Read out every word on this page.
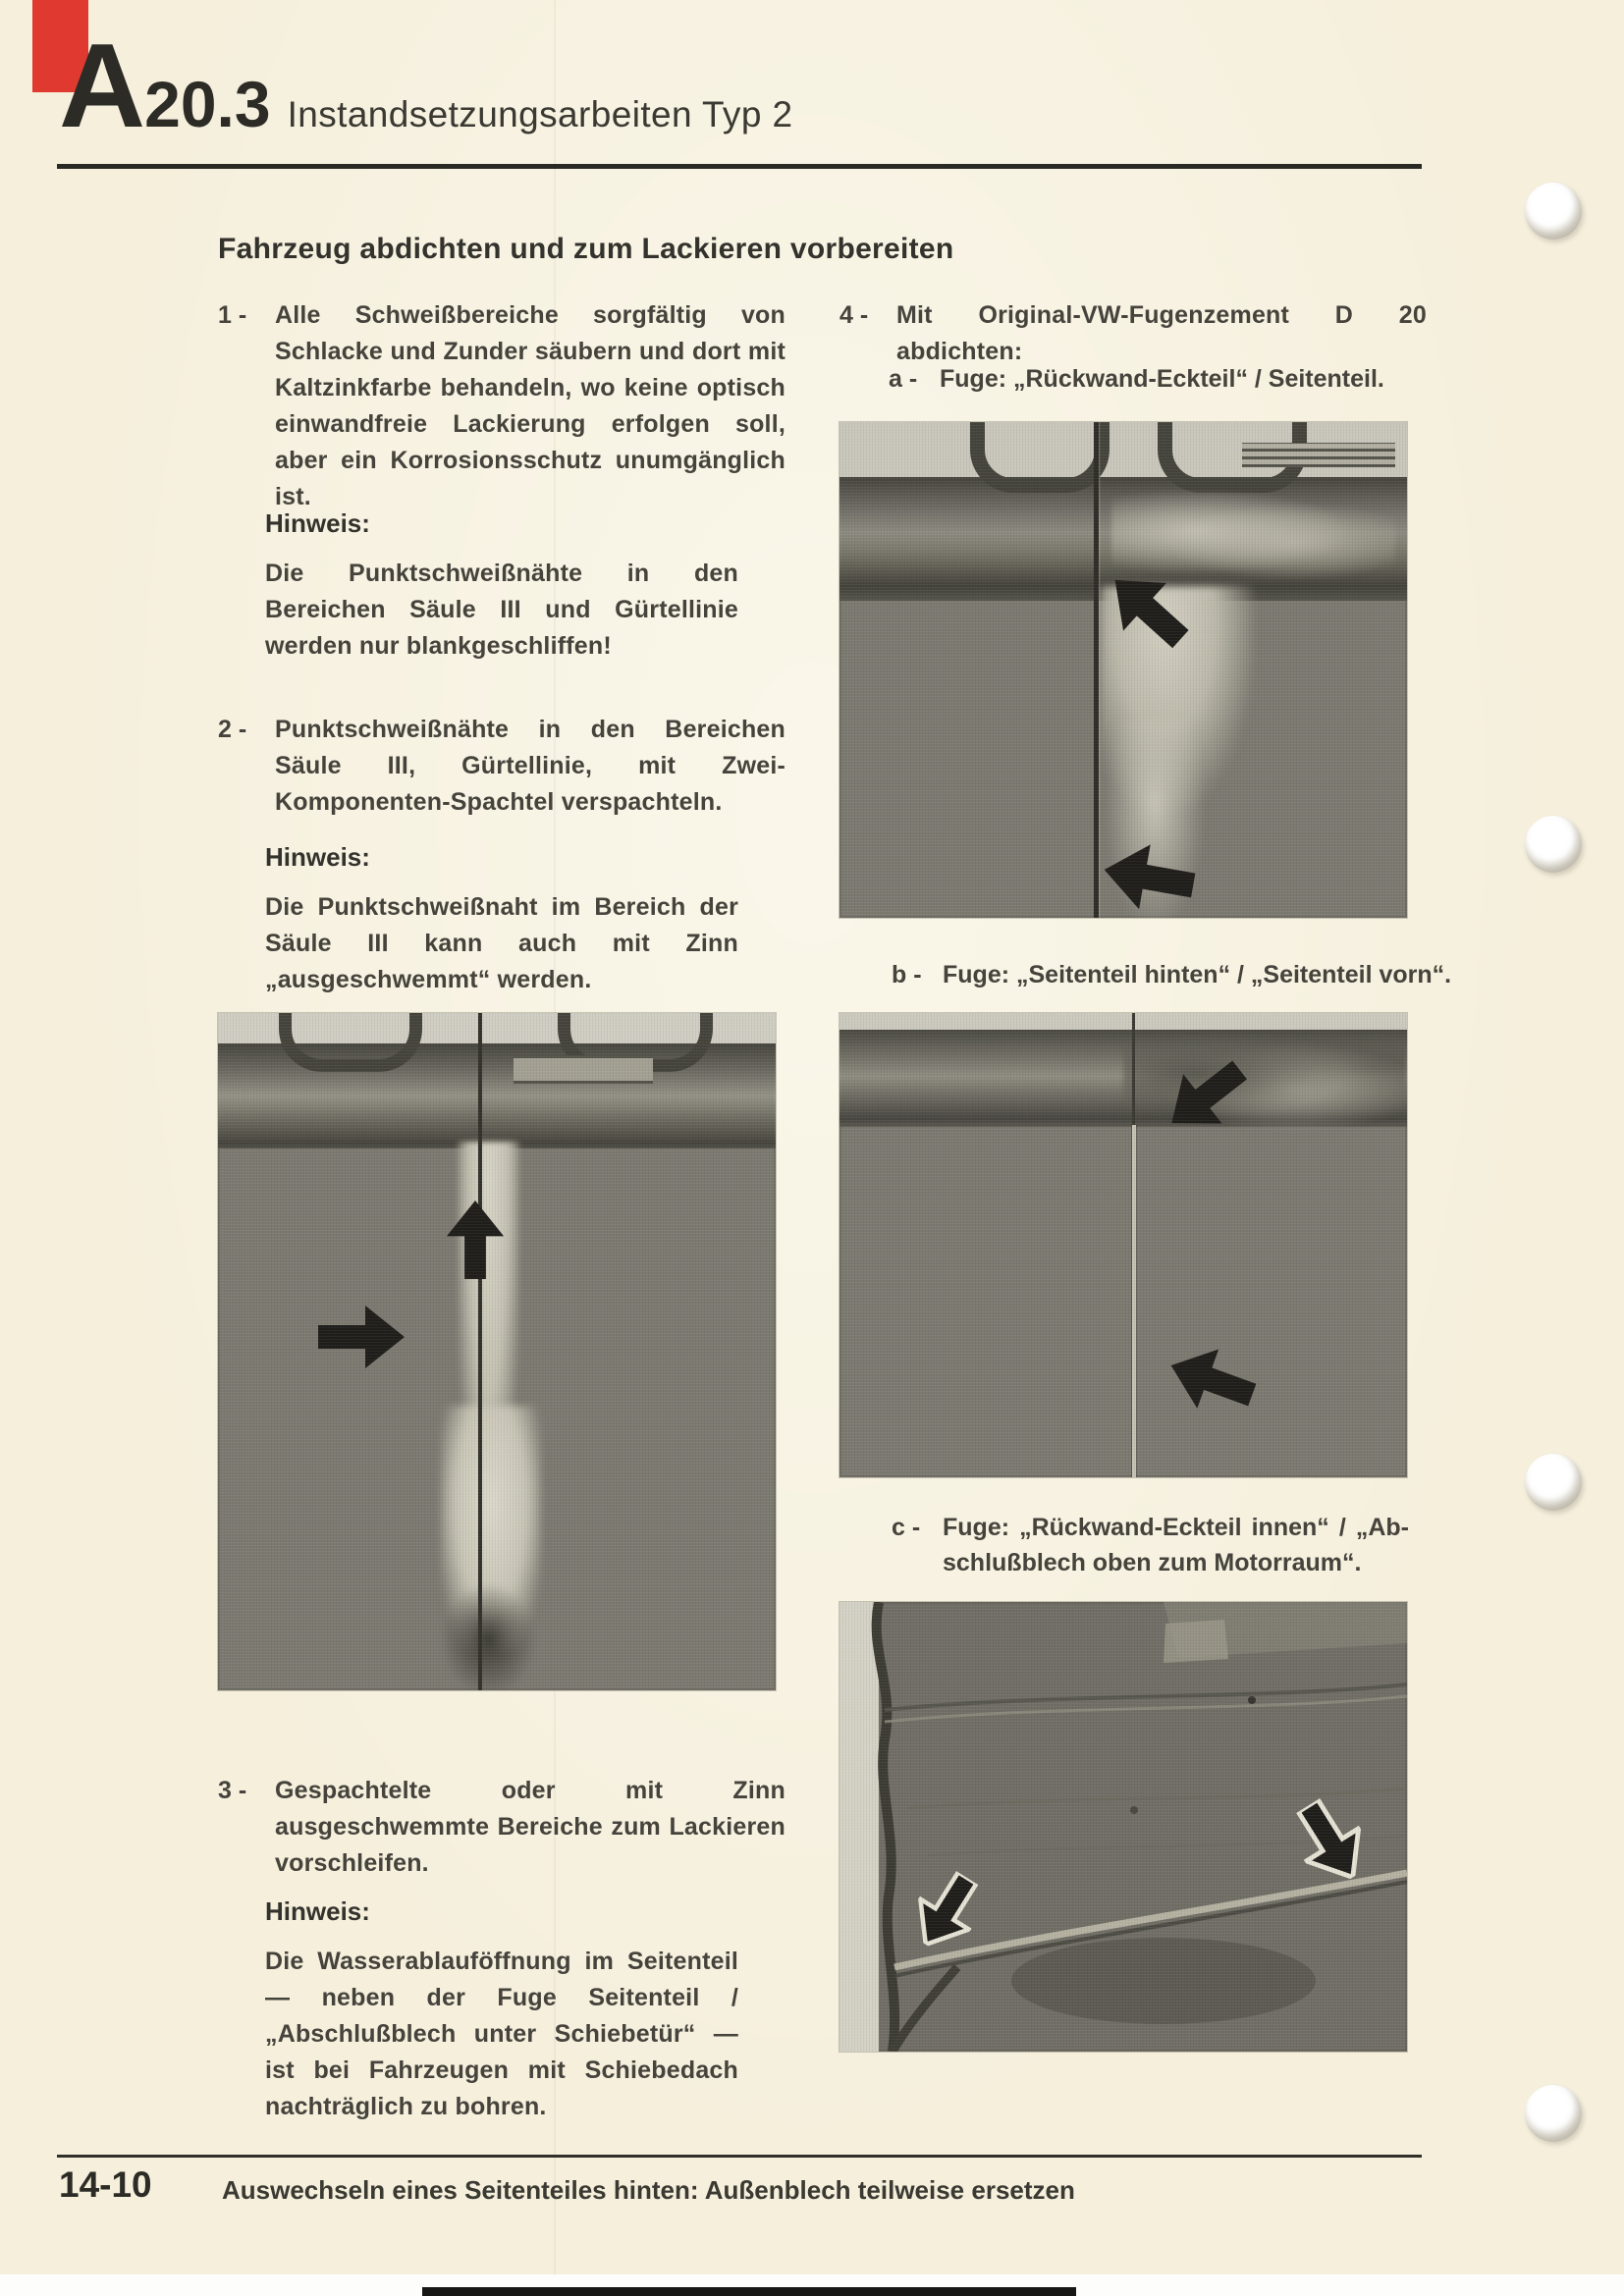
A 20.3 Instandsetzungsarbeiten Typ 2
Fahrzeug abdichten und zum Lackieren vorbereiten
1 -	Alle Schweißbereiche sorgfältig von Schlacke und Zunder säubern und dort mit Kaltzinkfarbe behandeln, wo keine optisch einwandfreie Lackierung erfolgen soll, aber ein Korrosionsschutz unumgänglich ist.
Hinweis:
Die Punktschweißnähte in den Bereichen Säule III und Gürtellinie werden nur blankgeschliffen!
2 -	Punktschweißnähte in den Bereichen Säule III, Gürtellinie, mit Zwei-Komponenten-Spachtel verspachteln.
Hinweis:
Die Punktschweißnaht im Bereich der Säule III kann auch mit Zinn „ausgeschwemmt“ werden.
3 -	Gespachtelte oder mit Zinn ausgeschwemmte Bereiche zum Lackieren vorschleifen.
Hinweis:
Die Wasserablauföffnung im Seitenteil — neben der Fuge Seitenteil / „Abschlußblech unter Schiebetür“ — ist bei Fahrzeugen mit Schiebedach nachträglich zu bohren.
4 -	Mit Original-VW-Fugenzement D 20 abdichten:
a - Fuge: „Rückwand-Eckteil“ / Seitenteil.
b - Fuge: „Seitenteil hinten“ / „Seitenteil vorn“.
c - Fuge: „Rückwand-Eckteil innen“ / „Abschlußblech oben zum Motorraum“.
14-10	Auswechseln eines Seitenteiles hinten: Außenblech teilweise ersetzen
